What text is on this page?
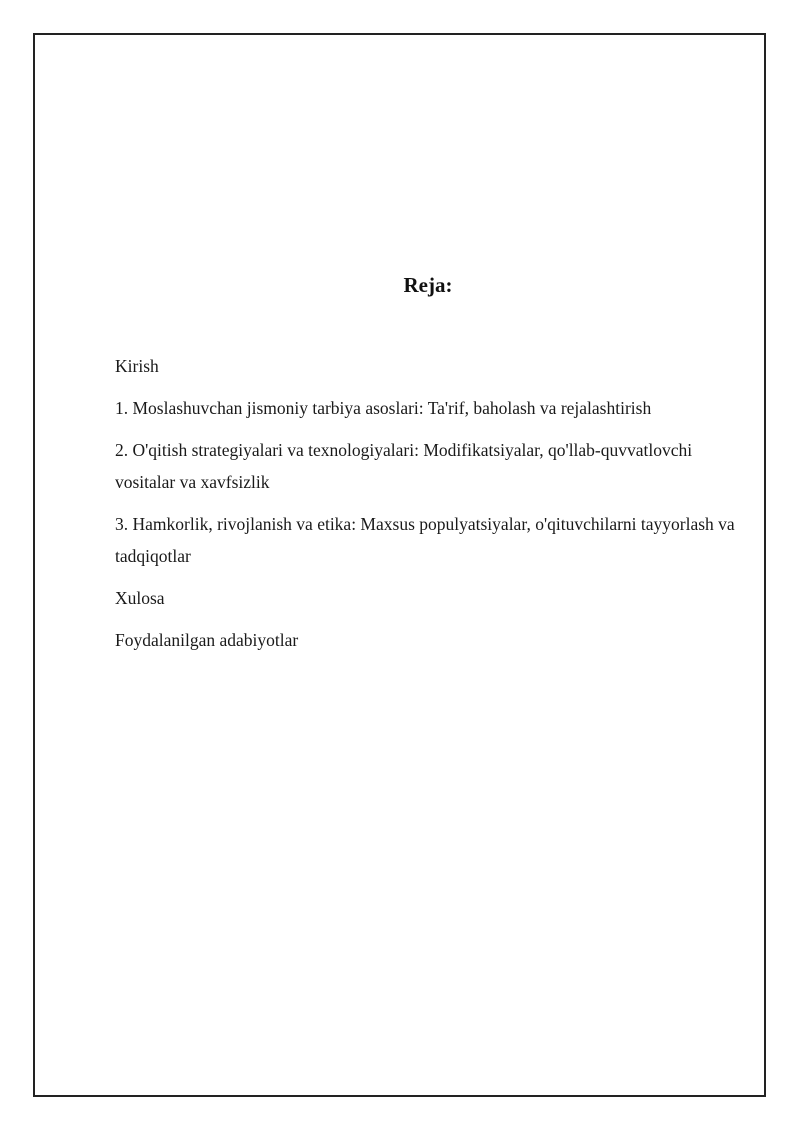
Reja:
Kirish
1. Moslashuvchan jismoniy tarbiya asoslari: Ta'rif, baholash va rejalashtirish
2. O'qitish strategiyalari va texnologiyalari: Modifikatsiyalar, qo'llab-quvvatlovchi vositalar va xavfsizlik
3. Hamkorlik, rivojlanish va etika: Maxsus populyatsiyalar, o'qituvchilarni tayyorlash va tadqiqotlar
Xulosa
Foydalanilgan adabiyotlar
